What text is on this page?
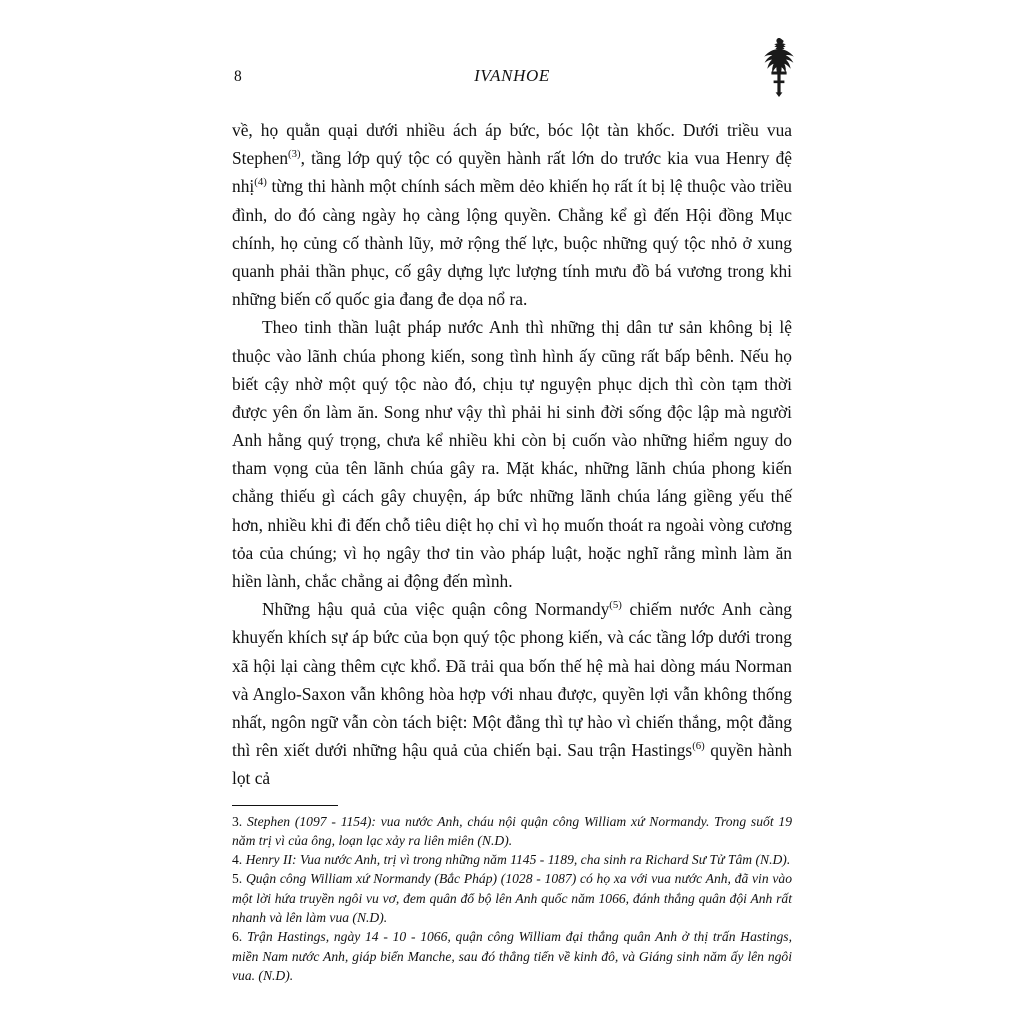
8	IVANHOE

về, họ quằn quại dưới nhiều ách áp bức, bóc lột tàn khốc. Dưới triều vua Stephen$^{(3)}$, tầng lớp quý tộc có quyền hành rất lớn do trước kia vua Henry đệ nhị$^{(4)}$ từng thi hành một chính sách mềm dẻo khiến họ rất ít bị lệ thuộc vào triều đình, do đó càng ngày họ càng lộng quyền. Chẳng kể gì đến Hội đồng Mục chính, họ củng cố thành lũy, mở rộng thế lực, buộc những quý tộc nhỏ ở xung quanh phải thần phục, cố gây dựng lực lượng tính mưu đồ bá vương trong khi những biến cố quốc gia đang đe dọa nổ ra.

Theo tinh thần luật pháp nước Anh thì những thị dân tư sản không bị lệ thuộc vào lãnh chúa phong kiến, song tình hình ấy cũng rất bấp bênh. Nếu họ biết cậy nhờ một quý tộc nào đó, chịu tự nguyện phục dịch thì còn tạm thời được yên ổn làm ăn. Song như vậy thì phải hi sinh đời sống độc lập mà người Anh hằng quý trọng, chưa kể nhiều khi còn bị cuốn vào những hiểm nguy do tham vọng của tên lãnh chúa gây ra. Mặt khác, những lãnh chúa phong kiến chẳng thiếu gì cách gây chuyện, áp bức những lãnh chúa láng giềng yếu thế hơn, nhiều khi đi đến chỗ tiêu diệt họ chỉ vì họ muốn thoát ra ngoài vòng cương tỏa của chúng; vì họ ngây thơ tin vào pháp luật, hoặc nghĩ rằng mình làm ăn hiền lành, chắc chẳng ai động đến mình.

Những hậu quả của việc quận công Normandy$^{(5)}$ chiếm nước Anh càng khuyến khích sự áp bức của bọn quý tộc phong kiến, và các tầng lớp dưới trong xã hội lại càng thêm cực khổ. Đã trải qua bốn thế hệ mà hai dòng máu Norman và Anglo-Saxon vẫn không hòa hợp với nhau được, quyền lợi vẫn không thống nhất, ngôn ngữ vẫn còn tách biệt: Một đằng thì tự hào vì chiến thắng, một đằng thì rên xiết dưới những hậu quả của chiến bại. Sau trận Hastings$^{(6)}$ quyền hành lọt cả

3. Stephen (1097 - 1154): vua nước Anh, cháu nội quận công William xứ Normandy. Trong suốt 19 năm trị vì của ông, loạn lạc xảy ra liên miên (N.D).

4. Henry II: Vua nước Anh, trị vì trong những năm 1145 - 1189, cha sinh ra Richard Sư Tử Tâm (N.D).

5. Quận công William xứ Normandy (Bắc Pháp) (1028 - 1087) có họ xa với vua nước Anh, đã vin vào một lời hứa truyền ngôi vu vơ, đem quân đổ bộ lên Anh quốc năm 1066, đánh thắng quân đội Anh rất nhanh và lên làm vua (N.D).

6. Trận Hastings, ngày 14 - 10 - 1066, quận công William đại thắng quân Anh ở thị trấn Hastings, miền Nam nước Anh, giáp biển Manche, sau đó thẳng tiến về kinh đô, và Giáng sinh năm ấy lên ngôi vua. (N.D).
